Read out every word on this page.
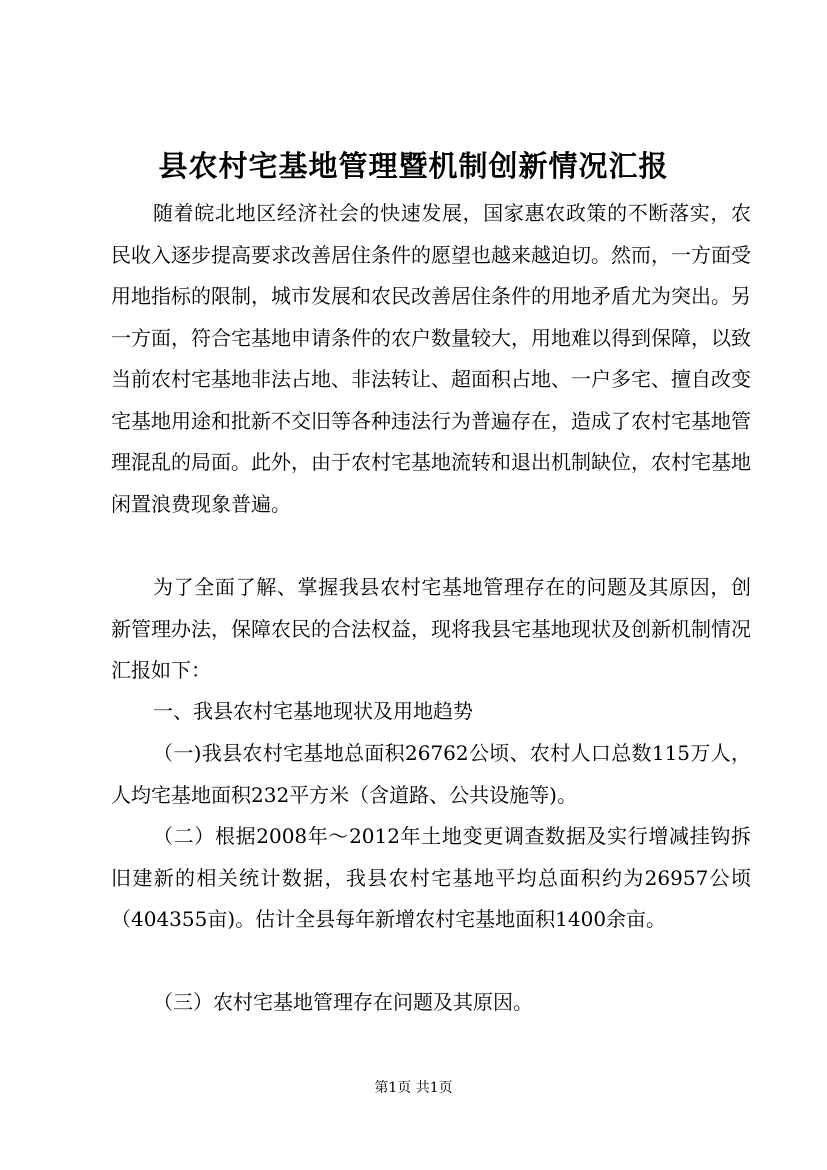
县农村宅基地管理暨机制创新情况汇报

随着皖北地区经济社会的快速发展，国家惠农政策的不断落实，农民收入逐步提高要求改善居住条件的愿望也越来越迫切。然而，一方面受用地指标的限制，城市发展和农民改善居住条件的用地矛盾尤为突出。另一方面，符合宅基地申请条件的农户数量较大，用地难以得到保障，以致当前农村宅基地非法占地、非法转让、超面积占地、一户多宅、擅自改变宅基地用途和批新不交旧等各种违法行为普遍存在，造成了农村宅基地管理混乱的局面。此外，由于农村宅基地流转和退出机制缺位，农村宅基地闲置浪费现象普遍。

为了全面了解、掌握我县农村宅基地管理存在的问题及其原因，创新管理办法，保障农民的合法权益，现将我县宅基地现状及创新机制情况汇报如下：

一、我县农村宅基地现状及用地趋势

（一)我县农村宅基地总面积26762公顷、农村人口总数115万人，人均宅基地面积232平方米（含道路、公共设施等)。

（二）根据2008年～2012年土地变更调查数据及实行增减挂钩拆旧建新的相关统计数据，我县农村宅基地平均总面积约为26957公顷（404355亩)。估计全县每年新增农村宅基地面积1400余亩。

（三）农村宅基地管理存在问题及其原因。

第1页 共1页
